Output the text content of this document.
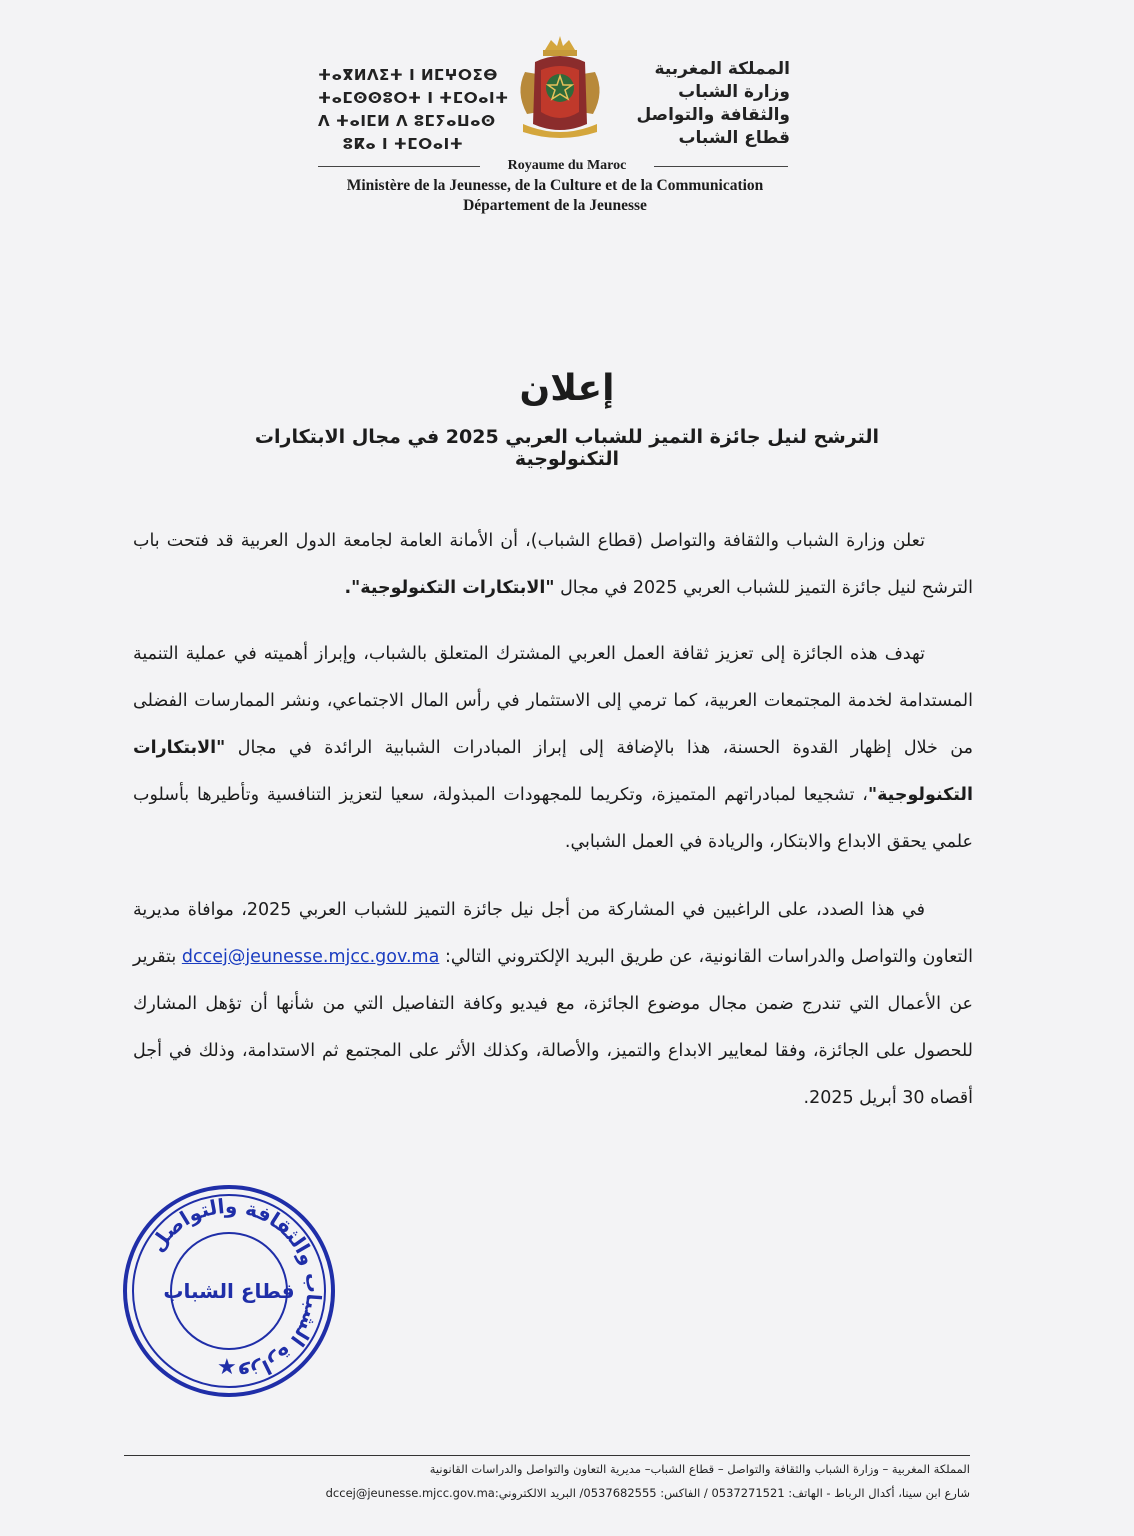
ⵜⴰⴳⵍⴷⵉⵜ ⵏ ⵍⵎⵖⵔⵉⴱ
ⵜⴰⵎⵙⵙⵓⵔⵜ ⵏ ⵜⵎⵔⴰⵏⵜ
ⴷ ⵜⴰⵏⵎⵍ ⴷ ⵓⵎⵢⴰⵡⴰⵙ
ⵓⴽⴰ ⵏ ⵜⵎⵔⴰⵏⵜ
المملكة المغربية
وزارة الشباب
والثقافة والتواصل
قطاع الشباب
Royaume du Maroc
Ministère de la Jeunesse, de la Culture et de la Communication
Département de la Jeunesse
إعلان
الترشح لنيل جائزة التميز للشباب العربي 2025 في مجال الابتكارات التكنولوجية

تعلن وزارة الشباب والثقافة والتواصل (قطاع الشباب)، أن الأمانة العامة لجامعة الدول العربية قد فتحت باب الترشح لنيل جائزة التميز للشباب العربي 2025 في مجال "الابتكارات التكنولوجية".

تهدف هذه الجائزة إلى تعزيز ثقافة العمل العربي المشترك المتعلق بالشباب، وإبراز أهميته في عملية التنمية المستدامة لخدمة المجتمعات العربية، كما ترمي إلى الاستثمار في رأس المال الاجتماعي، ونشر الممارسات الفضلى من خلال إظهار القدوة الحسنة، هذا بالإضافة إلى إبراز المبادرات الشبابية الرائدة في مجال "الابتكارات التكنولوجية"، تشجيعا لمبادراتهم المتميزة، وتكريما للمجهودات المبذولة، سعيا لتعزيز التنافسية وتأطيرها بأسلوب علمي يحقق الابداع والابتكار، والريادة في العمل الشبابي.

في هذا الصدد، على الراغبين في المشاركة من أجل نيل جائزة التميز للشباب العربي 2025، موافاة مديرية التعاون والتواصل والدراسات القانونية، عن طريق البريد الإلكتروني التالي: dccej@jeunesse.mjcc.gov.ma بتقرير عن الأعمال التي تندرج ضمن مجال موضوع الجائزة، مع فيديو وكافة التفاصيل التي من شأنها أن تؤهل المشارك للحصول على الجائزة، وفقا لمعايير الابداع والتميز، والأصالة، وكذلك الأثر على المجتمع ثم الاستدامة، وذلك في أجل أقصاه 30 أبريل 2025.

وزارة الشباب والثقافة والتواصل
قطاع الشباب
★
المملكة المغربية – وزارة الشباب والثقافة والتواصل – قطاع الشباب– مديرية التعاون والتواصل والدراسات القانونية
شارع ابن سينا، أكدال الرباط - الهاتف: 0537271521 / الفاكس: 0537682555/ البريد الالكتروني:dccej@jeunesse.mjcc.gov.ma
